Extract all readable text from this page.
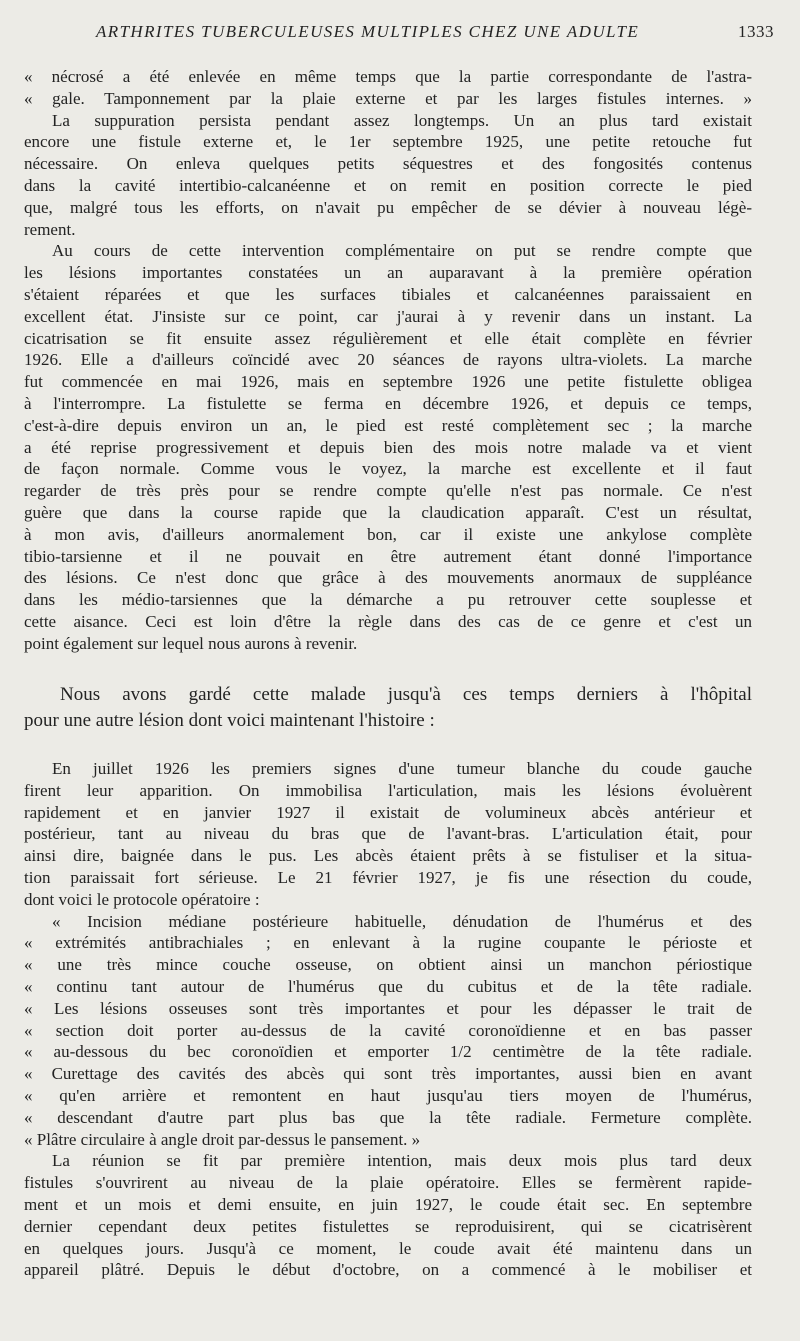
ARTHRITES TUBERCULEUSES MULTIPLES CHEZ UNE ADULTE	1333
« nécrosé a été enlevée en même temps que la partie correspondante de l'astra-
« gale. Tamponnement par la plaie externe et par les larges fistules internes. »
La suppuration persista pendant assez longtemps. Un an plus tard existait
encore une fistule externe et, le 1er septembre 1925, une petite retouche fut
nécessaire. On enleva quelques petits séquestres et des fongosités contenus
dans la cavité intertibio-calcanéenne et on remit en position correcte le pied
que, malgré tous les efforts, on n'avait pu empêcher de se dévier à nouveau légè-
rement.
Au cours de cette intervention complémentaire on put se rendre compte que
les lésions importantes constatées un an auparavant à la première opération
s'étaient réparées et que les surfaces tibiales et calcanéennes paraissaient en
excellent état. J'insiste sur ce point, car j'aurai à y revenir dans un instant. La
cicatrisation se fit ensuite assez régulièrement et elle était complète en février
1926. Elle a d'ailleurs coïncidé avec 20 séances de rayons ultra-violets. La marche
fut commencée en mai 1926, mais en septembre 1926 une petite fistulette obligea
à l'interrompre. La fistulette se ferma en décembre 1926, et depuis ce temps,
c'est-à-dire depuis environ un an, le pied est resté complètement sec ; la marche
a été reprise progressivement et depuis bien des mois notre malade va et vient
de façon normale. Comme vous le voyez, la marche est excellente et il faut
regarder de très près pour se rendre compte qu'elle n'est pas normale. Ce n'est
guère que dans la course rapide que la claudication apparaît. C'est un résultat,
à mon avis, d'ailleurs anormalement bon, car il existe une ankylose complète
tibio-tarsienne et il ne pouvait en être autrement étant donné l'importance
des lésions. Ce n'est donc que grâce à des mouvements anormaux de suppléance
dans les médio-tarsiennes que la démarche a pu retrouver cette souplesse et
cette aisance. Ceci est loin d'être la règle dans des cas de ce genre et c'est un
point également sur lequel nous aurons à revenir.
Nous avons gardé cette malade jusqu'à ces temps derniers à l'hôpital
pour une autre lésion dont voici maintenant l'histoire :
En juillet 1926 les premiers signes d'une tumeur blanche du coude gauche
firent leur apparition. On immobilisa l'articulation, mais les lésions évoluèrent
rapidement et en janvier 1927 il existait de volumineux abcès antérieur et
postérieur, tant au niveau du bras que de l'avant-bras. L'articulation était, pour
ainsi dire, baignée dans le pus. Les abcès étaient prêts à se fistuliser et la situa-
tion paraissait fort sérieuse. Le 21 février 1927, je fis une résection du coude,
dont voici le protocole opératoire :
« Incision médiane postérieure habituelle, dénudation de l'humérus et des
« extrémités antibrachiales ; en enlevant à la rugine coupante le périoste et
« une très mince couche osseuse, on obtient ainsi un manchon périostique
« continu tant autour de l'humérus que du cubitus et de la tête radiale.
« Les lésions osseuses sont très importantes et pour les dépasser le trait de
« section doit porter au-dessus de la cavité coronoïdienne et en bas passer
« au-dessous du bec coronoïdien et emporter 1/2 centimètre de la tête radiale.
« Curettage des cavités des abcès qui sont très importantes, aussi bien en avant
« qu'en arrière et remontent en haut jusqu'au tiers moyen de l'humérus,
« descendant d'autre part plus bas que la tête radiale. Fermeture complète.
« Plâtre circulaire à angle droit par-dessus le pansement. »
La réunion se fit par première intention, mais deux mois plus tard deux
fistules s'ouvrirent au niveau de la plaie opératoire. Elles se fermèrent rapide-
ment et un mois et demi ensuite, en juin 1927, le coude était sec. En septembre
dernier cependant deux petites fistulettes se reproduisirent, qui se cicatrisèrent
en quelques jours. Jusqu'à ce moment, le coude avait été maintenu dans un
appareil plâtré. Depuis le début d'octobre, on a commencé à le mobiliser et
